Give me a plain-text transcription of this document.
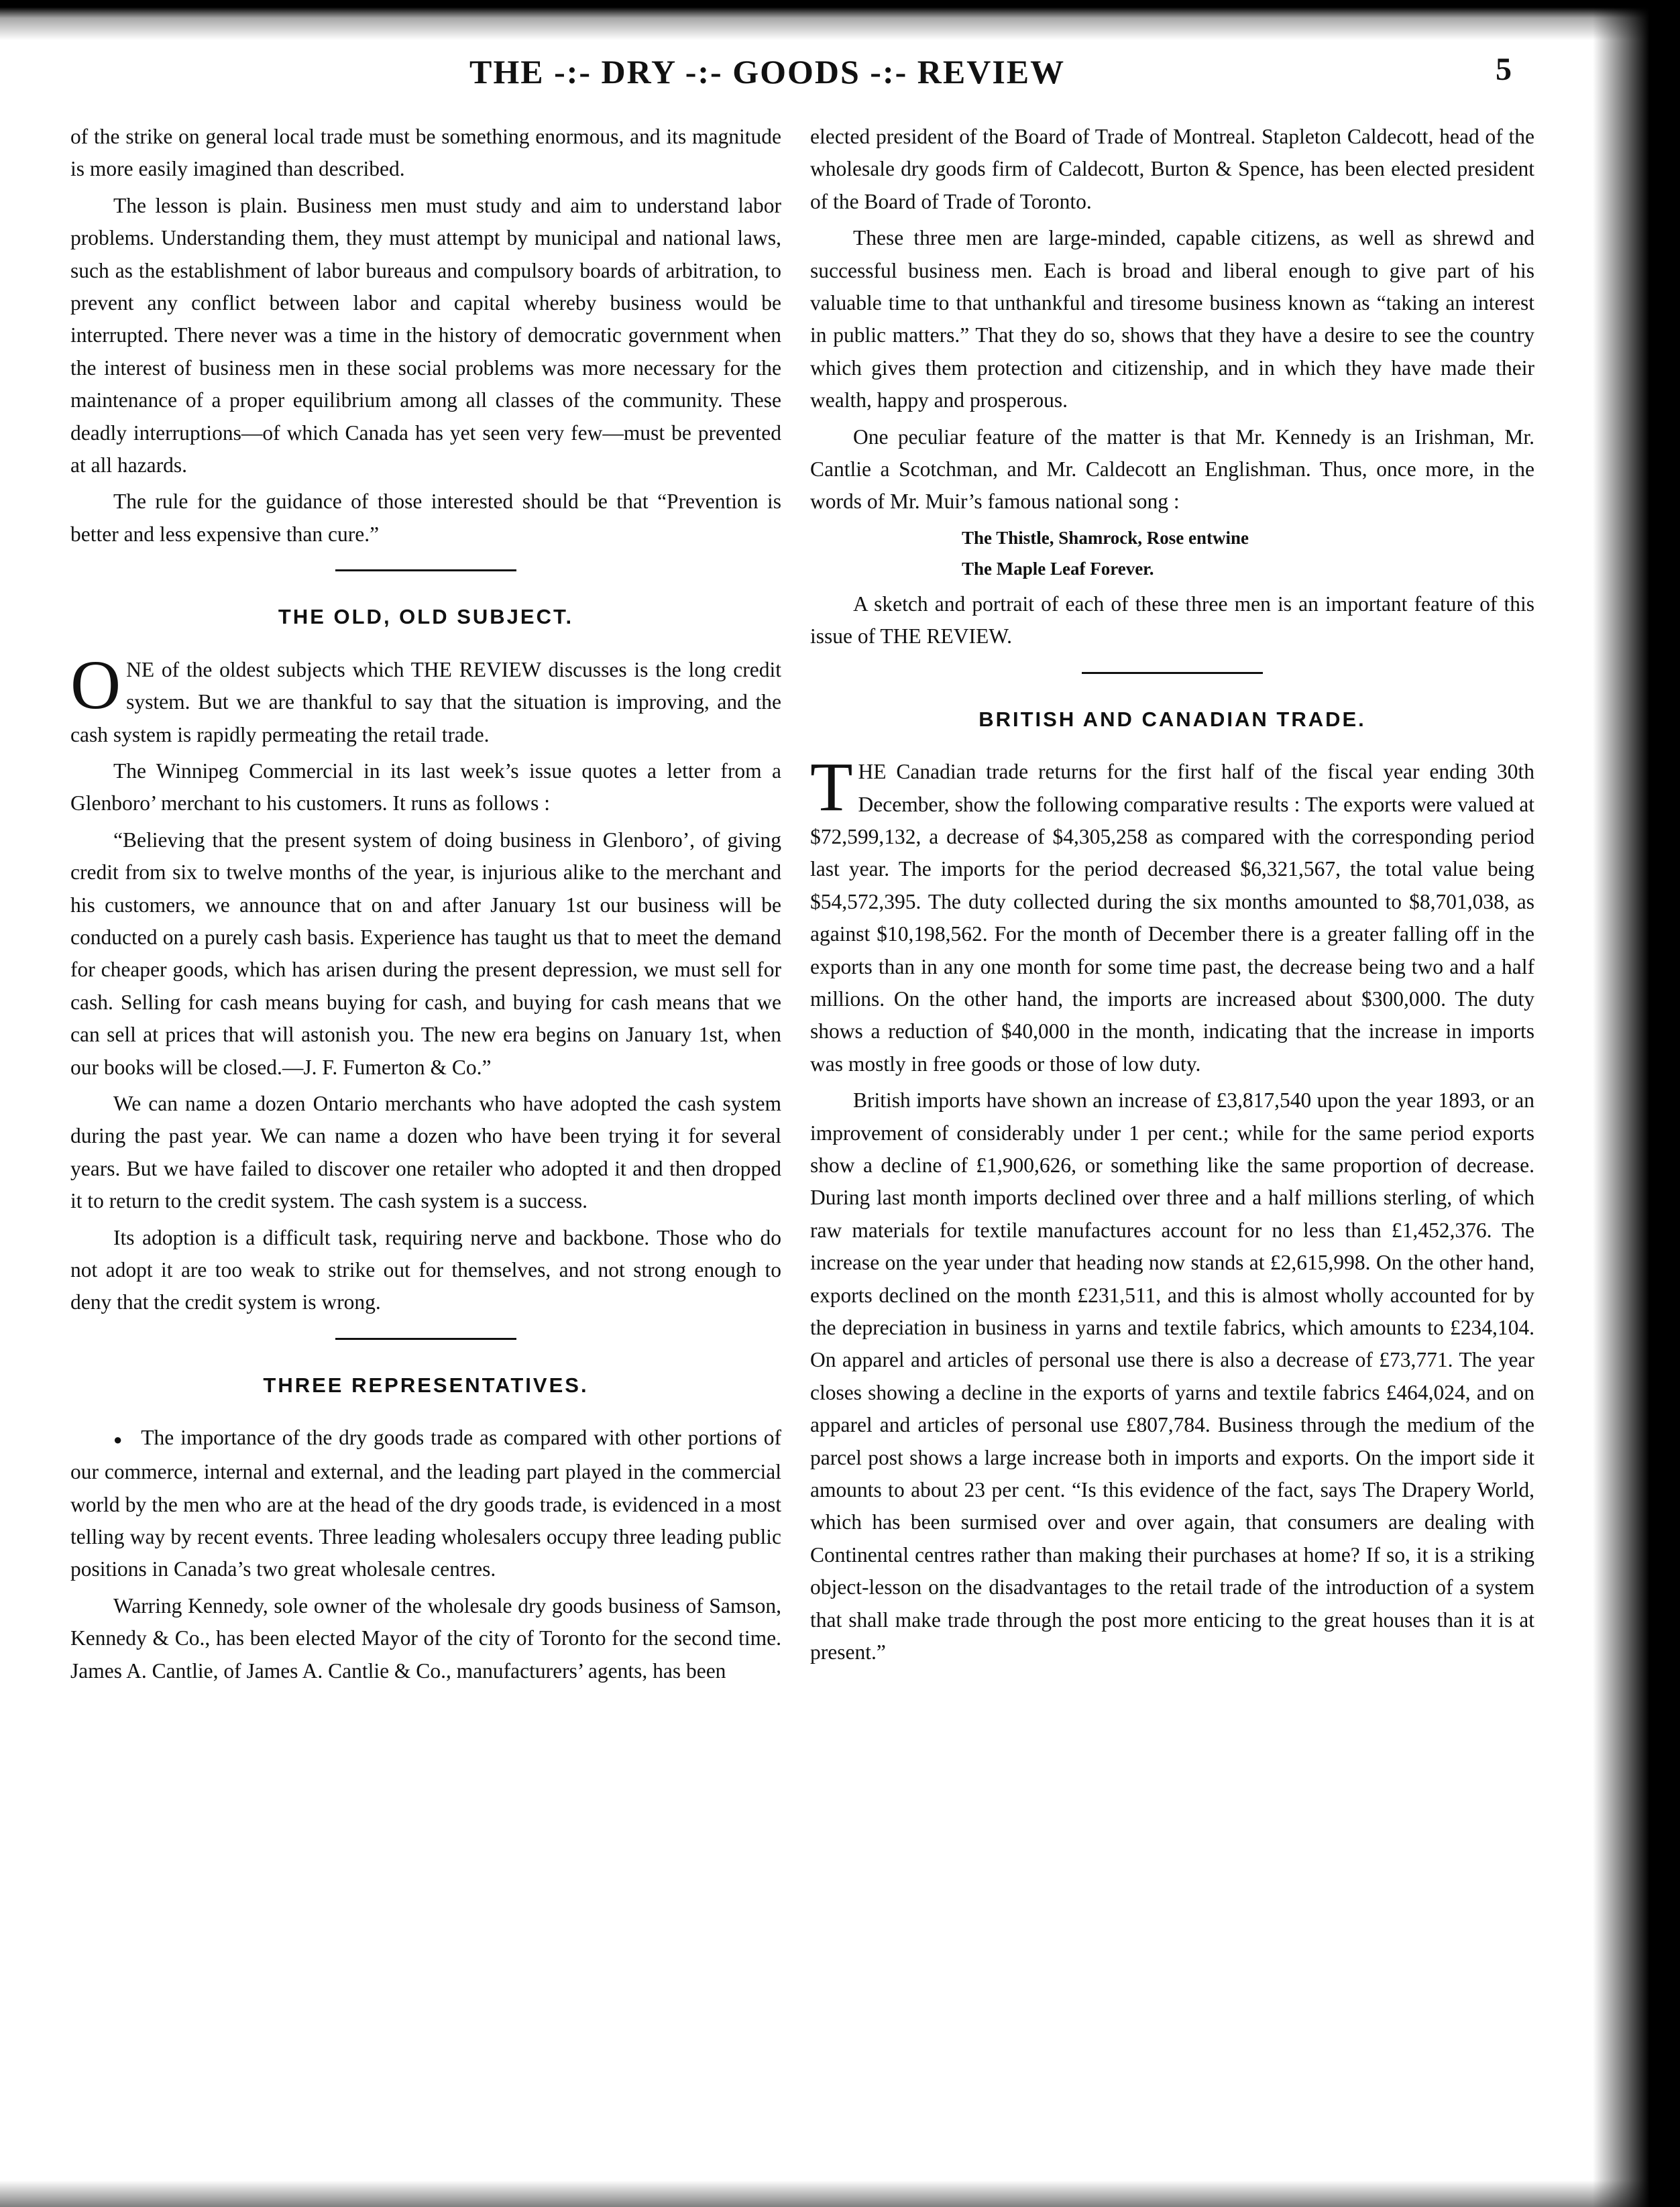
THE -:- DRY -:- GOODS -:- REVIEW	5

of the strike on general local trade must be something enormous, and its magnitude is more easily imagined than described.

The lesson is plain. Business men must study and aim to understand labor problems. Understanding them, they must attempt by municipal and national laws, such as the establishment of labor bureaus and compulsory boards of arbitration, to prevent any conflict between labor and capital whereby business would be interrupted. There never was a time in the history of democratic government when the interest of business men in these social problems was more necessary for the maintenance of a proper equilibrium among all classes of the community. These deadly interruptions—of which Canada has yet seen very few—must be prevented at all hazards.

The rule for the guidance of those interested should be that “Prevention is better and less expensive than cure.”

THE OLD, OLD SUBJECT.

ONE of the oldest subjects which THE REVIEW discusses is the long credit system. But we are thankful to say that the situation is improving, and the cash system is rapidly permeating the retail trade.

The Winnipeg Commercial in its last week’s issue quotes a letter from a Glenboro’ merchant to his customers. It runs as follows :

“Believing that the present system of doing business in Glenboro’, of giving credit from six to twelve months of the year, is injurious alike to the merchant and his customers, we announce that on and after January 1st our business will be conducted on a purely cash basis. Experience has taught us that to meet the demand for cheaper goods, which has arisen during the present depression, we must sell for cash. Selling for cash means buying for cash, and buying for cash means that we can sell at prices that will astonish you. The new era begins on January 1st, when our books will be closed.—J. F. Fumerton & Co.”

We can name a dozen Ontario merchants who have adopted the cash system during the past year. We can name a dozen who have been trying it for several years. But we have failed to discover one retailer who adopted it and then dropped it to return to the credit system. The cash system is a success.

Its adoption is a difficult task, requiring nerve and backbone. Those who do not adopt it are too weak to strike out for themselves, and not strong enough to deny that the credit system is wrong.

THREE REPRESENTATIVES.

● The importance of the dry goods trade as compared with other portions of our commerce, internal and external, and the leading part played in the commercial world by the men who are at the head of the dry goods trade, is evidenced in a most telling way by recent events. Three leading wholesalers occupy three leading public positions in Canada’s two great wholesale centres.

Warring Kennedy, sole owner of the wholesale dry goods business of Samson, Kennedy & Co., has been elected Mayor of the city of Toronto for the second time. James A. Cantlie, of James A. Cantlie & Co., manufacturers’ agents, has been

elected president of the Board of Trade of Montreal. Stapleton Caldecott, head of the wholesale dry goods firm of Caldecott, Burton & Spence, has been elected president of the Board of Trade of Toronto.

These three men are large-minded, capable citizens, as well as shrewd and successful business men. Each is broad and liberal enough to give part of his valuable time to that unthankful and tiresome business known as “taking an interest in public matters.” That they do so, shows that they have a desire to see the country which gives them protection and citizenship, and in which they have made their wealth, happy and prosperous.

One peculiar feature of the matter is that Mr. Kennedy is an Irishman, Mr. Cantlie a Scotchman, and Mr. Caldecott an Englishman. Thus, once more, in the words of Mr. Muir’s famous national song :

The Thistle, Shamrock, Rose entwine
The Maple Leaf Forever.

A sketch and portrait of each of these three men is an important feature of this issue of THE REVIEW.

BRITISH AND CANADIAN TRADE.

THE Canadian trade returns for the first half of the fiscal year ending 30th December, show the following comparative results : The exports were valued at $72,599,132, a decrease of $4,305,258 as compared with the corresponding period last year. The imports for the period decreased $6,321,567, the total value being $54,572,395. The duty collected during the six months amounted to $8,701,038, as against $10,198,562. For the month of December there is a greater falling off in the exports than in any one month for some time past, the decrease being two and a half millions. On the other hand, the imports are increased about $300,000. The duty shows a reduction of $40,000 in the month, indicating that the increase in imports was mostly in free goods or those of low duty.

British imports have shown an increase of £3,817,540 upon the year 1893, or an improvement of considerably under 1 per cent.; while for the same period exports show a decline of £1,900,626, or something like the same proportion of decrease. During last month imports declined over three and a half millions sterling, of which raw materials for textile manufactures account for no less than £1,452,376. The increase on the year under that heading now stands at £2,615,998. On the other hand, exports declined on the month £231,511, and this is almost wholly accounted for by the depreciation in business in yarns and textile fabrics, which amounts to £234,104. On apparel and articles of personal use there is also a decrease of £73,771. The year closes showing a decline in the exports of yarns and textile fabrics £464,024, and on apparel and articles of personal use £807,784. Business through the medium of the parcel post shows a large increase both in imports and exports. On the import side it amounts to about 23 per cent. “Is this evidence of the fact, says The Drapery World, which has been surmised over and over again, that consumers are dealing with Continental centres rather than making their purchases at home? If so, it is a striking object-lesson on the disadvantages to the retail trade of the introduction of a system that shall make trade through the post more enticing to the great houses than it is at present.”
